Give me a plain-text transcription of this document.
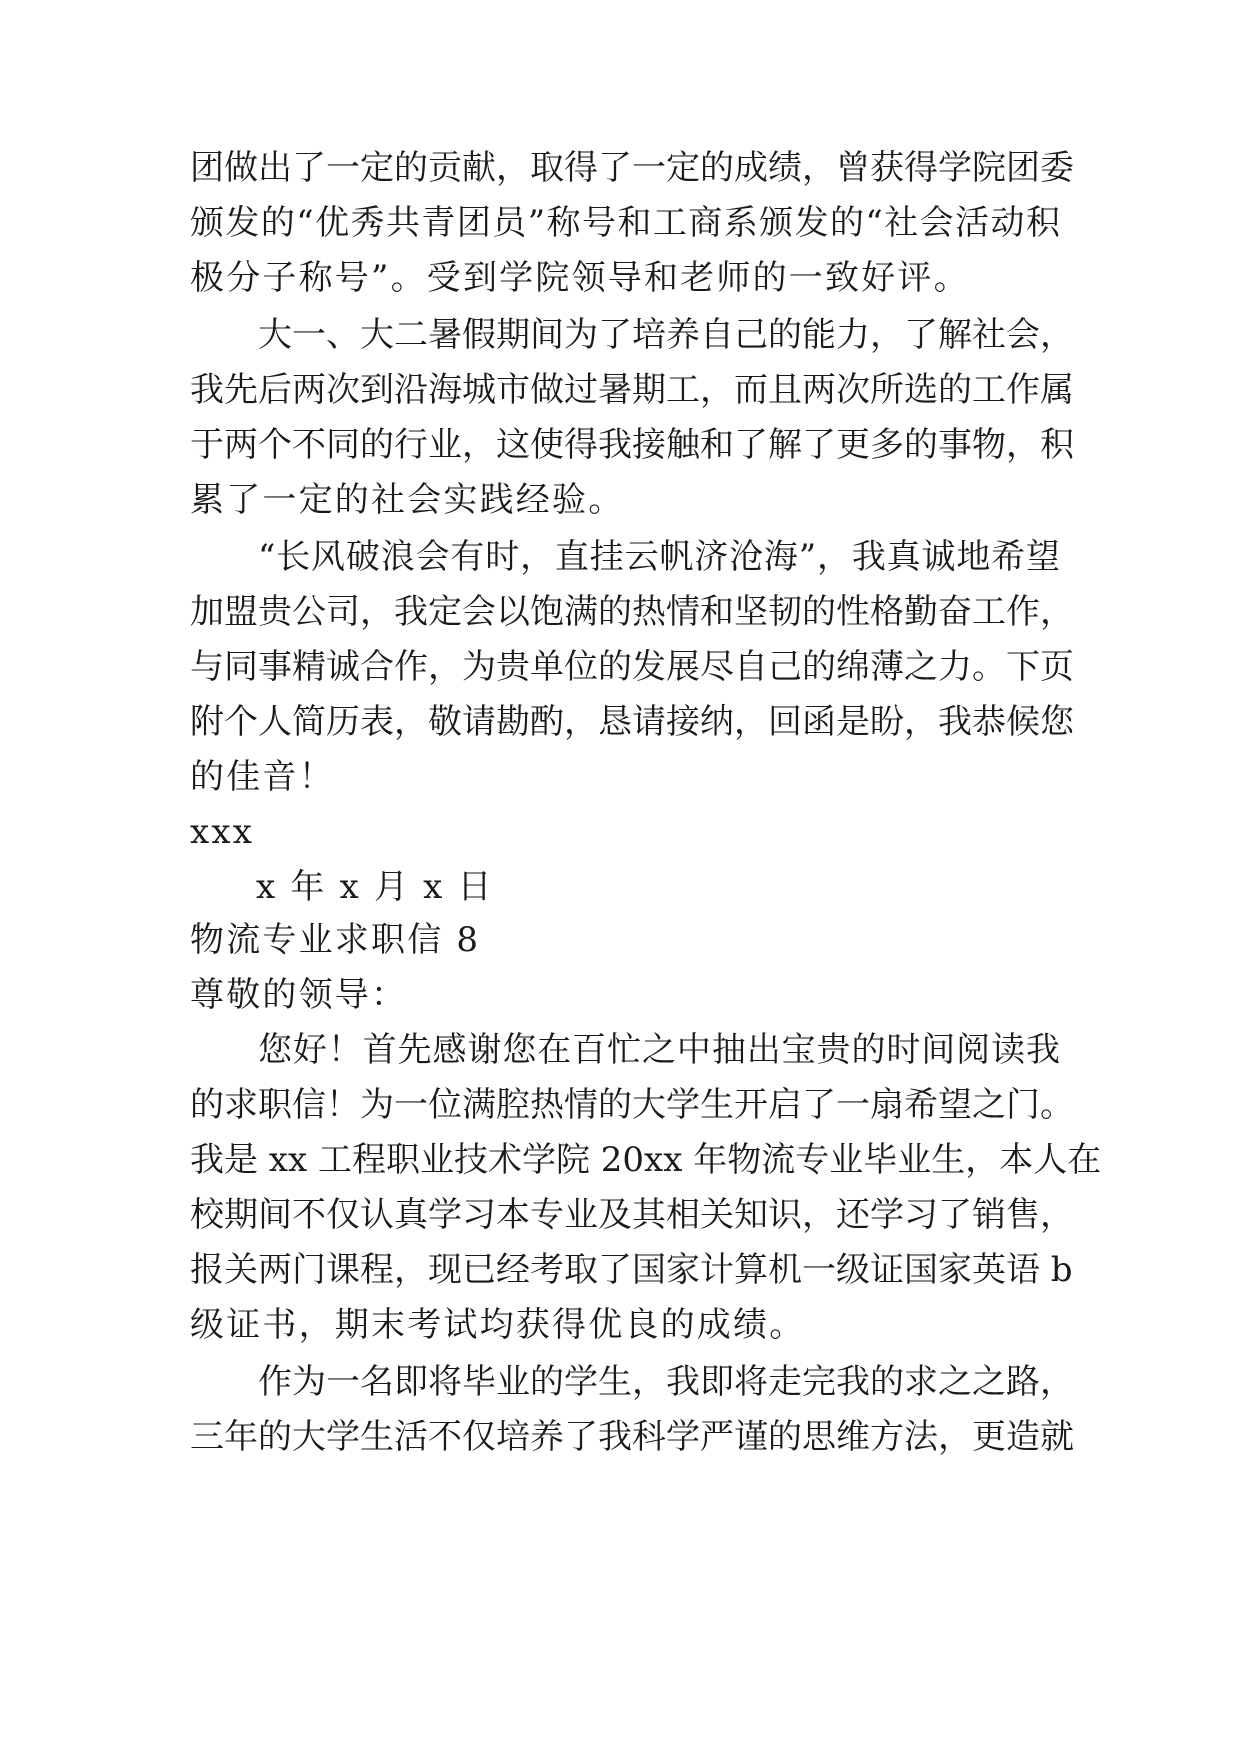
团做出了一定的贡献，取得了一定的成绩，曾获得学院团委
颁发的“优秀共青团员”称号和工商系颁发的“社会活动积
极分子称号”。受到学院领导和老师的一致好评。
大一、大二暑假期间为了培养自己的能力，了解社会，
我先后两次到沿海城市做过暑期工，而且两次所选的工作属
于两个不同的行业，这使得我接触和了解了更多的事物，积
累了一定的社会实践经验。
“长风破浪会有时，直挂云帆济沧海”，我真诚地希望
加盟贵公司，我定会以饱满的热情和坚韧的性格勤奋工作，
与同事精诚合作，为贵单位的发展尽自己的绵薄之力。下页
附个人简历表，敬请勘酌，恳请接纳，回函是盼，我恭候您
的佳音！
xxx
x 年 x 月 x 日
物流专业求职信 8
尊敬的领导：
您好！首先感谢您在百忙之中抽出宝贵的时间阅读我
的求职信！为一位满腔热情的大学生开启了一扇希望之门。
我是 xx 工程职业技术学院 20xx 年物流专业毕业生，本人在
校期间不仅认真学习本专业及其相关知识，还学习了销售，
报关两门课程，现已经考取了国家计算机一级证国家英语 b
级证书，期末考试均获得优良的成绩。
作为一名即将毕业的学生，我即将走完我的求之之路，
三年的大学生活不仅培养了我科学严谨的思维方法，更造就
